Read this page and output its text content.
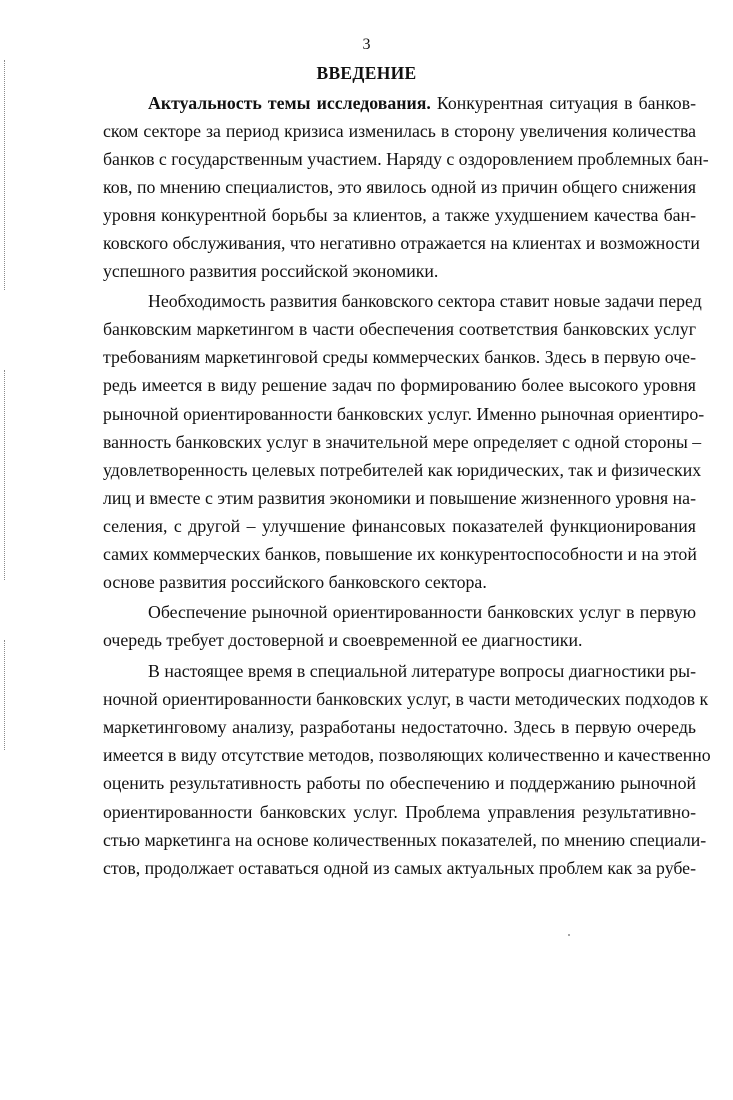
3
ВВЕДЕНИЕ

Актуальность темы исследования. Конкурентная ситуация в банков-

ском секторе за период кризиса изменилась в сторону увеличения количества

банков с государственным участием. Наряду с оздоровлением проблемных бан-

ков, по мнению специалистов, это явилось одной из причин общего снижения

уровня конкурентной борьбы за клиентов, а также ухудшением качества бан-

ковского обслуживания, что негативно отражается на клиентах и возможности

успешного развития российской экономики.

Необходимость развития банковского сектора ставит новые задачи перед

банковским маркетингом в части обеспечения соответствия банковских услуг

требованиям маркетинговой среды коммерческих банков. Здесь в первую оче-

редь имеется в виду решение задач по формированию более высокого уровня

рыночной ориентированности банковских услуг. Именно рыночная ориентиро-

ванность банковских услуг в значительной мере определяет с одной стороны –

удовлетворенность целевых потребителей как юридических, так и физических

лиц и вместе с этим развития экономики и повышение жизненного уровня на-

селения, с другой – улучшение финансовых показателей функционирования

самих коммерческих банков, повышение их конкурентоспособности и на этой

основе развития российского банковского сектора.

Обеспечение рыночной ориентированности банковских услуг в первую

очередь требует достоверной и своевременной ее диагностики.

В настоящее время в специальной литературе вопросы диагностики ры-

ночной ориентированности банковских услуг, в части методических подходов к

маркетинговому анализу, разработаны недостаточно. Здесь в первую очередь

имеется в виду отсутствие методов, позволяющих количественно и качественно

оценить результативность работы по обеспечению и поддержанию рыночной

ориентированности банковских услуг. Проблема управления результативно-

стью маркетинга на основе количественных показателей, по мнению специали-

стов, продолжает оставаться одной из самых актуальных проблем как за рубе-
